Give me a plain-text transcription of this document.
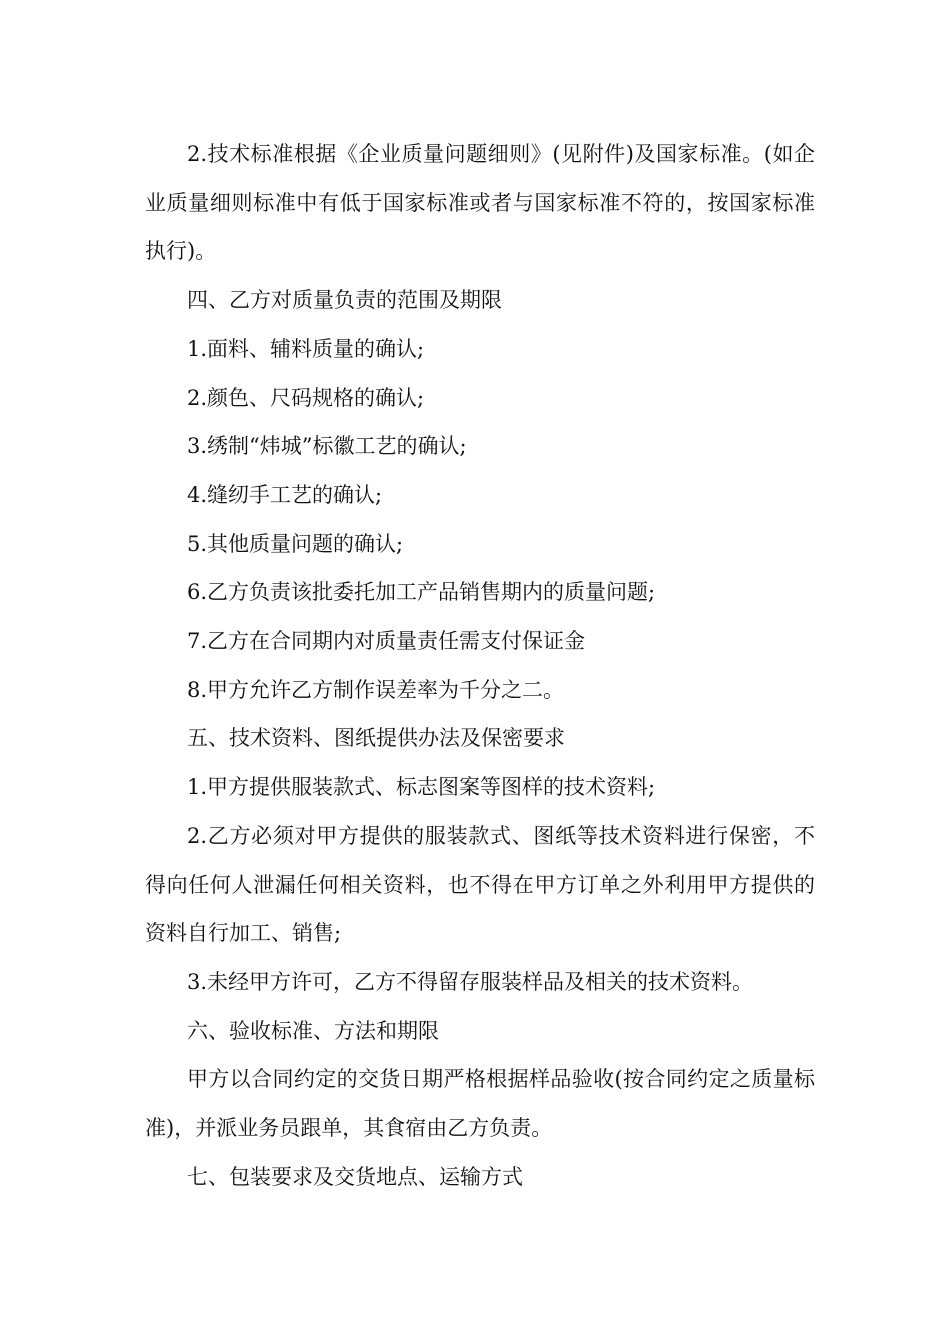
2.技术标准根据《企业质量问题细则》(见附件)及国家标准。(如企业质量细则标准中有低于国家标准或者与国家标准不符的，按国家标准执行)。

四、乙方对质量负责的范围及期限

1.面料、辅料质量的确认;

2.颜色、尺码规格的确认;

3.绣制“炜城”标徽工艺的确认;

4.缝纫手工艺的确认;

5.其他质量问题的确认;

6.乙方负责该批委托加工产品销售期内的质量问题;

7.乙方在合同期内对质量责任需支付保证金

8.甲方允许乙方制作误差率为千分之二。

五、技术资料、图纸提供办法及保密要求

1.甲方提供服装款式、标志图案等图样的技术资料;

2.乙方必须对甲方提供的服装款式、图纸等技术资料进行保密，不得向任何人泄漏任何相关资料，也不得在甲方订单之外利用甲方提供的资料自行加工、销售;

3.未经甲方许可，乙方不得留存服装样品及相关的技术资料。

六、验收标准、方法和期限

甲方以合同约定的交货日期严格根据样品验收(按合同约定之质量标准)，并派业务员跟单，其食宿由乙方负责。

七、包装要求及交货地点、运输方式
